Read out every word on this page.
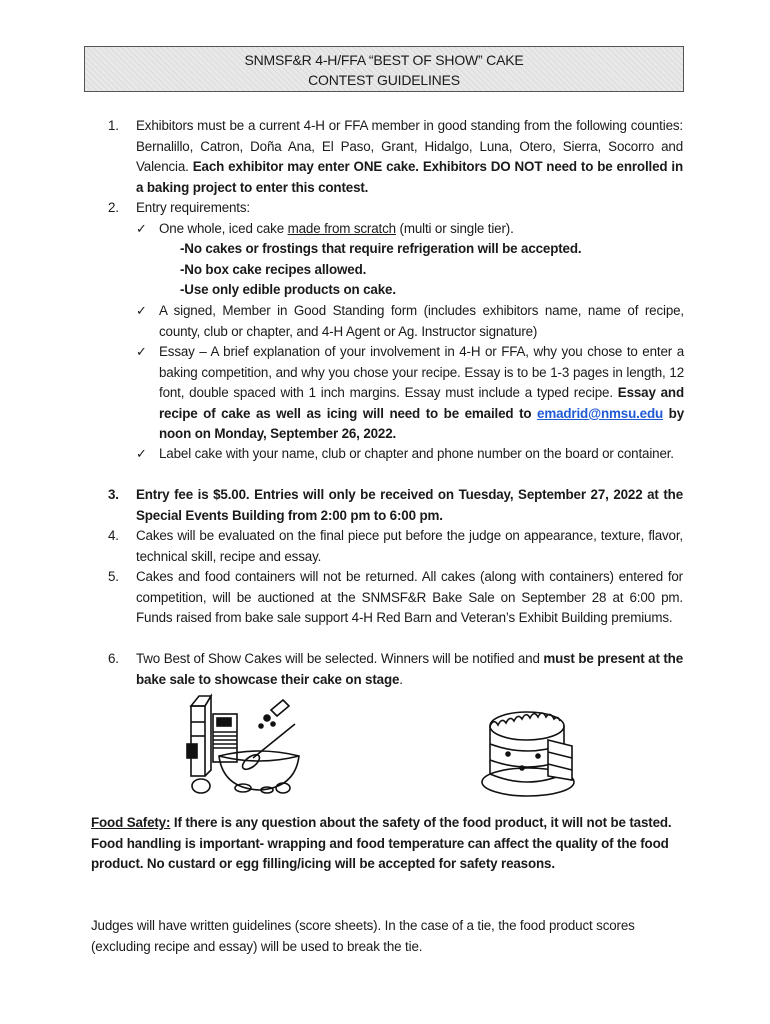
SNMSF&R 4-H/FFA “BEST OF SHOW” CAKE
CONTEST GUIDELINES
1. Exhibitors must be a current 4-H or FFA member in good standing from the following counties: Bernalillo, Catron, Doña Ana, El Paso, Grant, Hidalgo, Luna, Otero, Sierra, Socorro and Valencia. Each exhibitor may enter ONE cake. Exhibitors DO NOT need to be enrolled in a baking project to enter this contest.
2. Entry requirements:
✓ One whole, iced cake made from scratch (multi or single tier).
-No cakes or frostings that require refrigeration will be accepted.
-No box cake recipes allowed.
-Use only edible products on cake.
✓ A signed, Member in Good Standing form (includes exhibitors name, name of recipe, county, club or chapter, and 4-H Agent or Ag. Instructor signature)
✓ Essay – A brief explanation of your involvement in 4-H or FFA, why you chose to enter a baking competition, and why you chose your recipe. Essay is to be 1-3 pages in length, 12 font, double spaced with 1 inch margins. Essay must include a typed recipe. Essay and recipe of cake as well as icing will need to be emailed to emadrid@nmsu.edu by noon on Monday, September 26, 2022.
✓ Label cake with your name, club or chapter and phone number on the board or container.
3. Entry fee is $5.00. Entries will only be received on Tuesday, September 27, 2022 at the Special Events Building from 2:00 pm to 6:00 pm.
4. Cakes will be evaluated on the final piece put before the judge on appearance, texture, flavor, technical skill, recipe and essay.
5. Cakes and food containers will not be returned. All cakes (along with containers) entered for competition, will be auctioned at the SNMSF&R Bake Sale on September 28 at 6:00 pm. Funds raised from bake sale support 4-H Red Barn and Veteran’s Exhibit Building premiums.
6. Two Best of Show Cakes will be selected. Winners will be notified and must be present at the bake sale to showcase their cake on stage.
Food Safety: If there is any question about the safety of the food product, it will not be tasted. Food handling is important- wrapping and food temperature can affect the quality of the food product. No custard or egg filling/icing will be accepted for safety reasons.
Judges will have written guidelines (score sheets). In the case of a tie, the food product scores (excluding recipe and essay) will be used to break the tie.
